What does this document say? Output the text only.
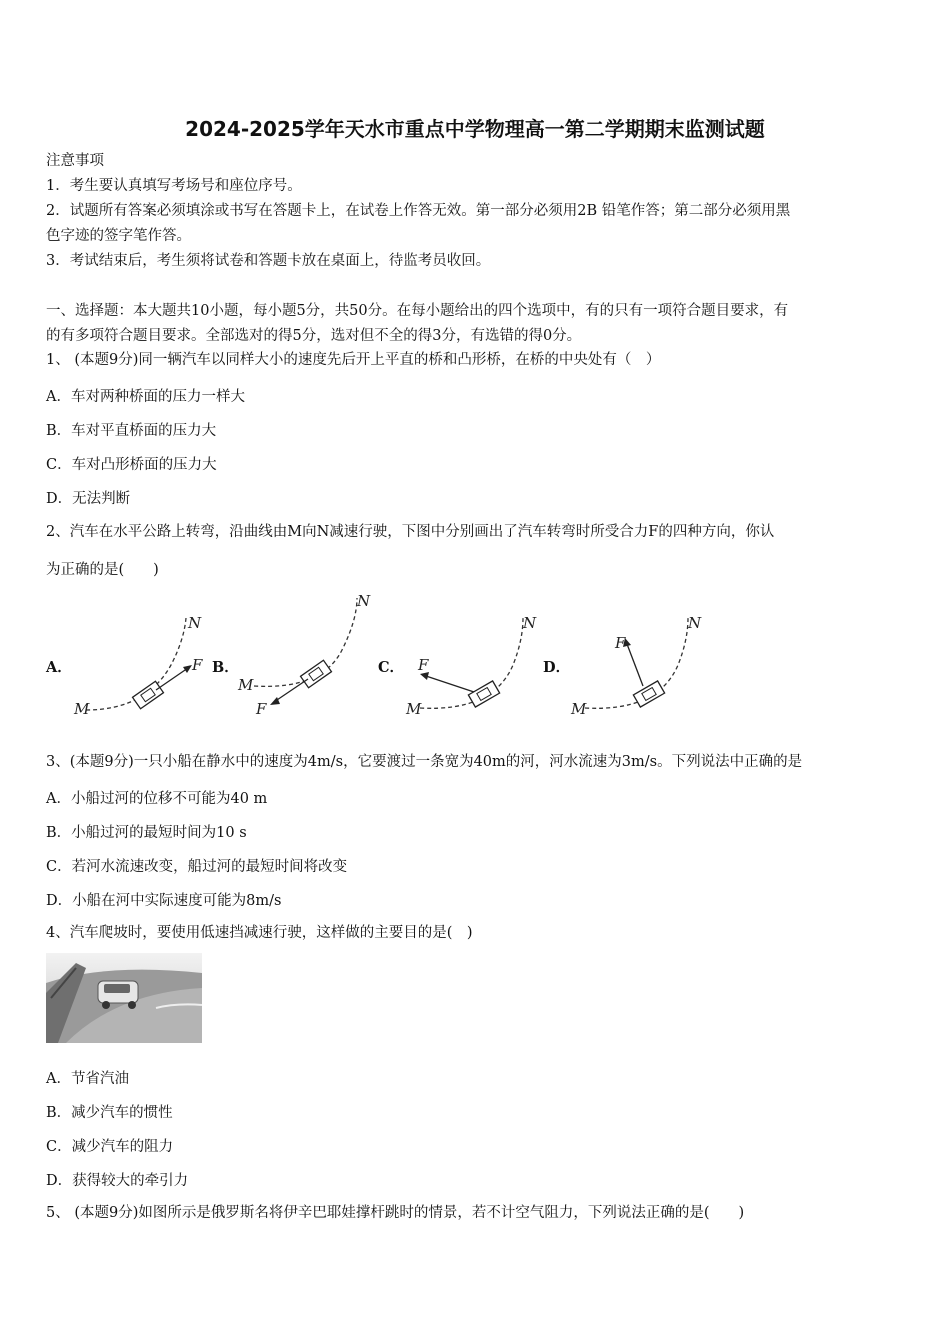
2024-2025学年天水市重点中学物理高一第二学期期末监测试题
注意事项
1．考生要认真填写考场号和座位序号。
2．试题所有答案必须填涂或书写在答题卡上，在试卷上作答无效。第一部分必须用2B 铅笔作答；第二部分必须用黑
色字迹的签字笔作答。
3．考试结束后，考生须将试卷和答题卡放在桌面上，待监考员收回。
一、选择题：本大题共10小题，每小题5分，共50分。在每小题给出的四个选项中，有的只有一项符合题目要求，有
的有多项符合题目要求。全部选对的得5分，选对但不全的得3分，有选错的得0分。
1、 (本题9分)同一辆汽车以同样大小的速度先后开上平直的桥和凸形桥，在桥的中央处有（　）
A．车对两种桥面的压力一样大
B．车对平直桥面的压力大
C．车对凸形桥面的压力大
D．无法判断
2、汽车在水平公路上转弯，沿曲线由M向N减速行驶，下图中分别画出了汽车转弯时所受合力F的四种方向，你认
为正确的是(　　)
A．
N
M
F B．
N
M
F
C．
N
M
F	D．
N
M
F
3、(本题9分)一只小船在静水中的速度为4m/s，它要渡过一条宽为40m的河，河水流速为3m/s。下列说法中正确的是
A．小船过河的位移不可能为40 m
B．小船过河的最短时间为10 s
C．若河水流速改变，船过河的最短时间将改变
D．小船在河中实际速度可能为8m/s
4、汽车爬坡时，要使用低速挡减速行驶，这样做的主要目的是(　)
A．节省汽油
B．减少汽车的惯性
C．减少汽车的阻力
D．获得较大的牵引力
5、 (本题9分)如图所示是俄罗斯名将伊辛巴耶娃撑杆跳时的情景，若不计空气阻力，下列说法正确的是(　　)
